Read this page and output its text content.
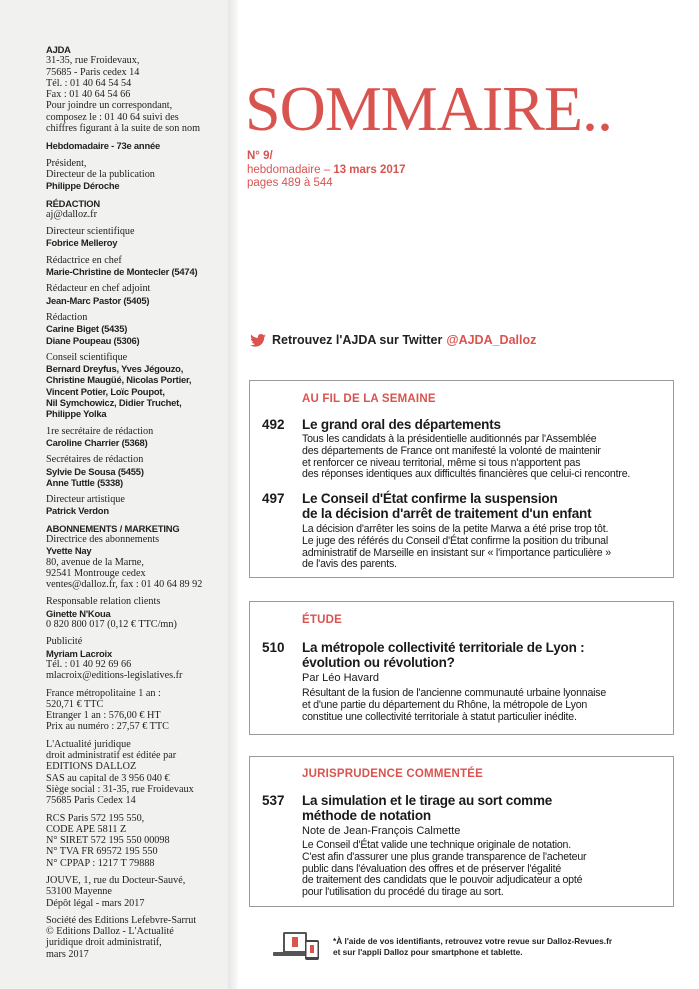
AJDA
31-35, rue Froidevaux,
75685 - Paris cedex 14
Tél. : 01 40 64 54 54
Fax : 01 40 64 54 66
Pour joindre un correspondant,
composez le : 01 40 64 suivi des
chiffres figurant à la suite de son nom
Hebdomadaire - 73e année
Président,
Directeur de la publication
Philippe Déroche
RÉDACTION
aj@dalloz.fr
Directeur scientifique
Fobrice Melleroy
Rédactrice en chef
Marie-Christine de Montecler (5474)
Rédacteur en chef adjoint
Jean-Marc Pastor (5405)
Rédaction
Carine Biget (5435)
Diane Poupeau (5306)
Conseil scientifique
Bernard Dreyfus, Yves Jégouzo,
Christine Maugüé, Nicolas Portier,
Vincent Potier, Loïc Poupot,
Nil Symchowicz, Didier Truchet,
Philippe Yolka
1re secrétaire de rédaction
Caroline Charrier (5368)
Secrétaires de rédaction
Sylvie De Sousa (5455)
Anne Tuttle (5338)
Directeur artistique
Patrick Verdon
ABONNEMENTS / MARKETING
Directrice des abonnements
Yvette Nay
80, avenue de la Marne,
92541 Montrouge cedex
ventes@dalloz.fr, fax : 01 40 64 89 92
Responsable relation clients
Ginette N'Koua
0 820 800 017 (0,12 € TTC/mn)
Publicité
Myriam Lacroix
Tél. : 01 40 92 69 66
mlacroix@editions-legislatives.fr
France métropolitaine 1 an :
520,71 € TTC
Etranger 1 an : 576,00 € HT
Prix au numéro : 27,57 € TTC
L'Actualité juridique
droit administratif est éditée par
EDITIONS DALLOZ
SAS au capital de 3 956 040 €
Siège social : 31-35, rue Froidevaux
75685 Paris Cedex 14
RCS Paris 572 195 550,
CODE APE 5811 Z
N° SIRET 572 195 550 00098
N° TVA FR 69572 195 550
N° CPPAP : 1217 T 79888
JOUVE, 1, rue du Docteur-Sauvé,
53100 Mayenne
Dépôt légal - mars 2017
Société des Editions Lefebvre-Sarrut
© Editions Dalloz - L'Actualité
juridique droit administratif,
mars 2017
SOMMAIRE..
N° 9/
hebdomadaire – 13 mars 2017
pages 489 à 544
Retrouvez l'AJDA sur Twitter @AJDA_Dalloz
AU FIL DE LA SEMAINE
492 Le grand oral des départements
Tous les candidats à la présidentielle auditionnés par l'Assemblée
des départements de France ont manifesté la volonté de maintenir
et renforcer ce niveau territorial, même si tous n'apportent pas
des réponses identiques aux difficultés financières que celui-ci rencontre.
497 Le Conseil d'État confirme la suspension
de la décision d'arrêt de traitement d'un enfant
La décision d'arrêter les soins de la petite Marwa a été prise trop tôt.
Le juge des référés du Conseil d'État confirme la position du tribunal
administratif de Marseille en insistant sur « l'importance particulière »
de l'avis des parents.
ÉTUDE
510 La métropole collectivité territoriale de Lyon :
évolution ou révolution?
Par Léo Havard
Résultant de la fusion de l'ancienne communauté urbaine lyonnaise
et d'une partie du département du Rhône, la métropole de Lyon
constitue une collectivité territoriale à statut particulier inédite.
JURISPRUDENCE COMMENTÉE
537 La simulation et le tirage au sort comme
méthode de notation
Note de Jean-François Calmette
Le Conseil d'État valide une technique originale de notation.
C'est afin d'assurer une plus grande transparence de l'acheteur
public dans l'évaluation des offres et de préserver l'égalité
de traitement des candidats que le pouvoir adjudicateur a opté
pour l'utilisation du procédé du tirage au sort.
*À l'aide de vos identifiants, retrouvez votre revue sur Dalloz-Revues.fr
et sur l'appli Dalloz pour smartphone et tablette.
